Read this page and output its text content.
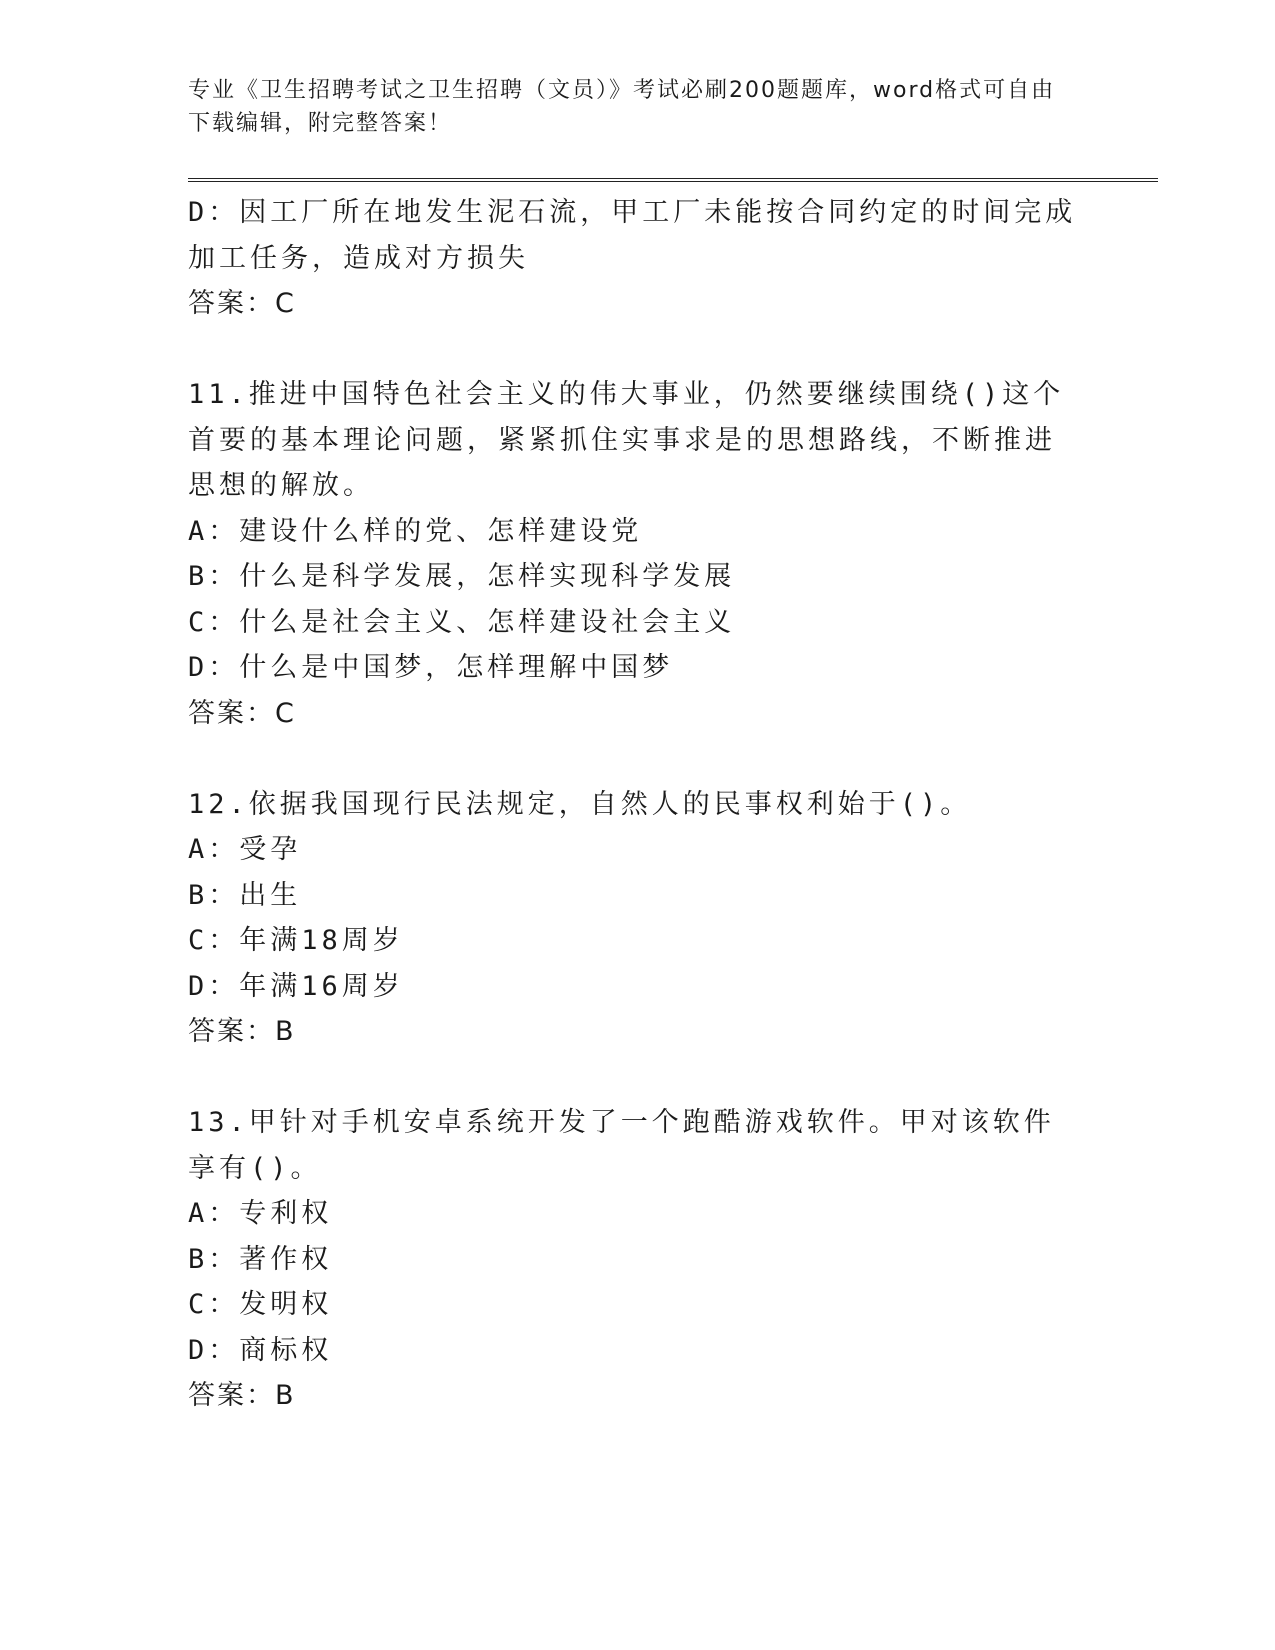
专业《卫生招聘考试之卫生招聘（文员）》考试必刷200题题库，word格式可自由下载编辑，附完整答案！
D：因工厂所在地发生泥石流，甲工厂未能按合同约定的时间完成加工任务，造成对方损失
答案：C
11.推进中国特色社会主义的伟大事业，仍然要继续围绕()这个首要的基本理论问题，紧紧抓住实事求是的思想路线，不断推进思想的解放。
A：建设什么样的党、怎样建设党
B：什么是科学发展，怎样实现科学发展
C：什么是社会主义、怎样建设社会主义
D：什么是中国梦，怎样理解中国梦
答案：C
12.依据我国现行民法规定，自然人的民事权利始于()。
A：受孕
B：出生
C：年满18周岁
D：年满16周岁
答案：B
13.甲针对手机安卓系统开发了一个跑酷游戏软件。甲对该软件享有()。
A：专利权
B：著作权
C：发明权
D：商标权
答案：B
